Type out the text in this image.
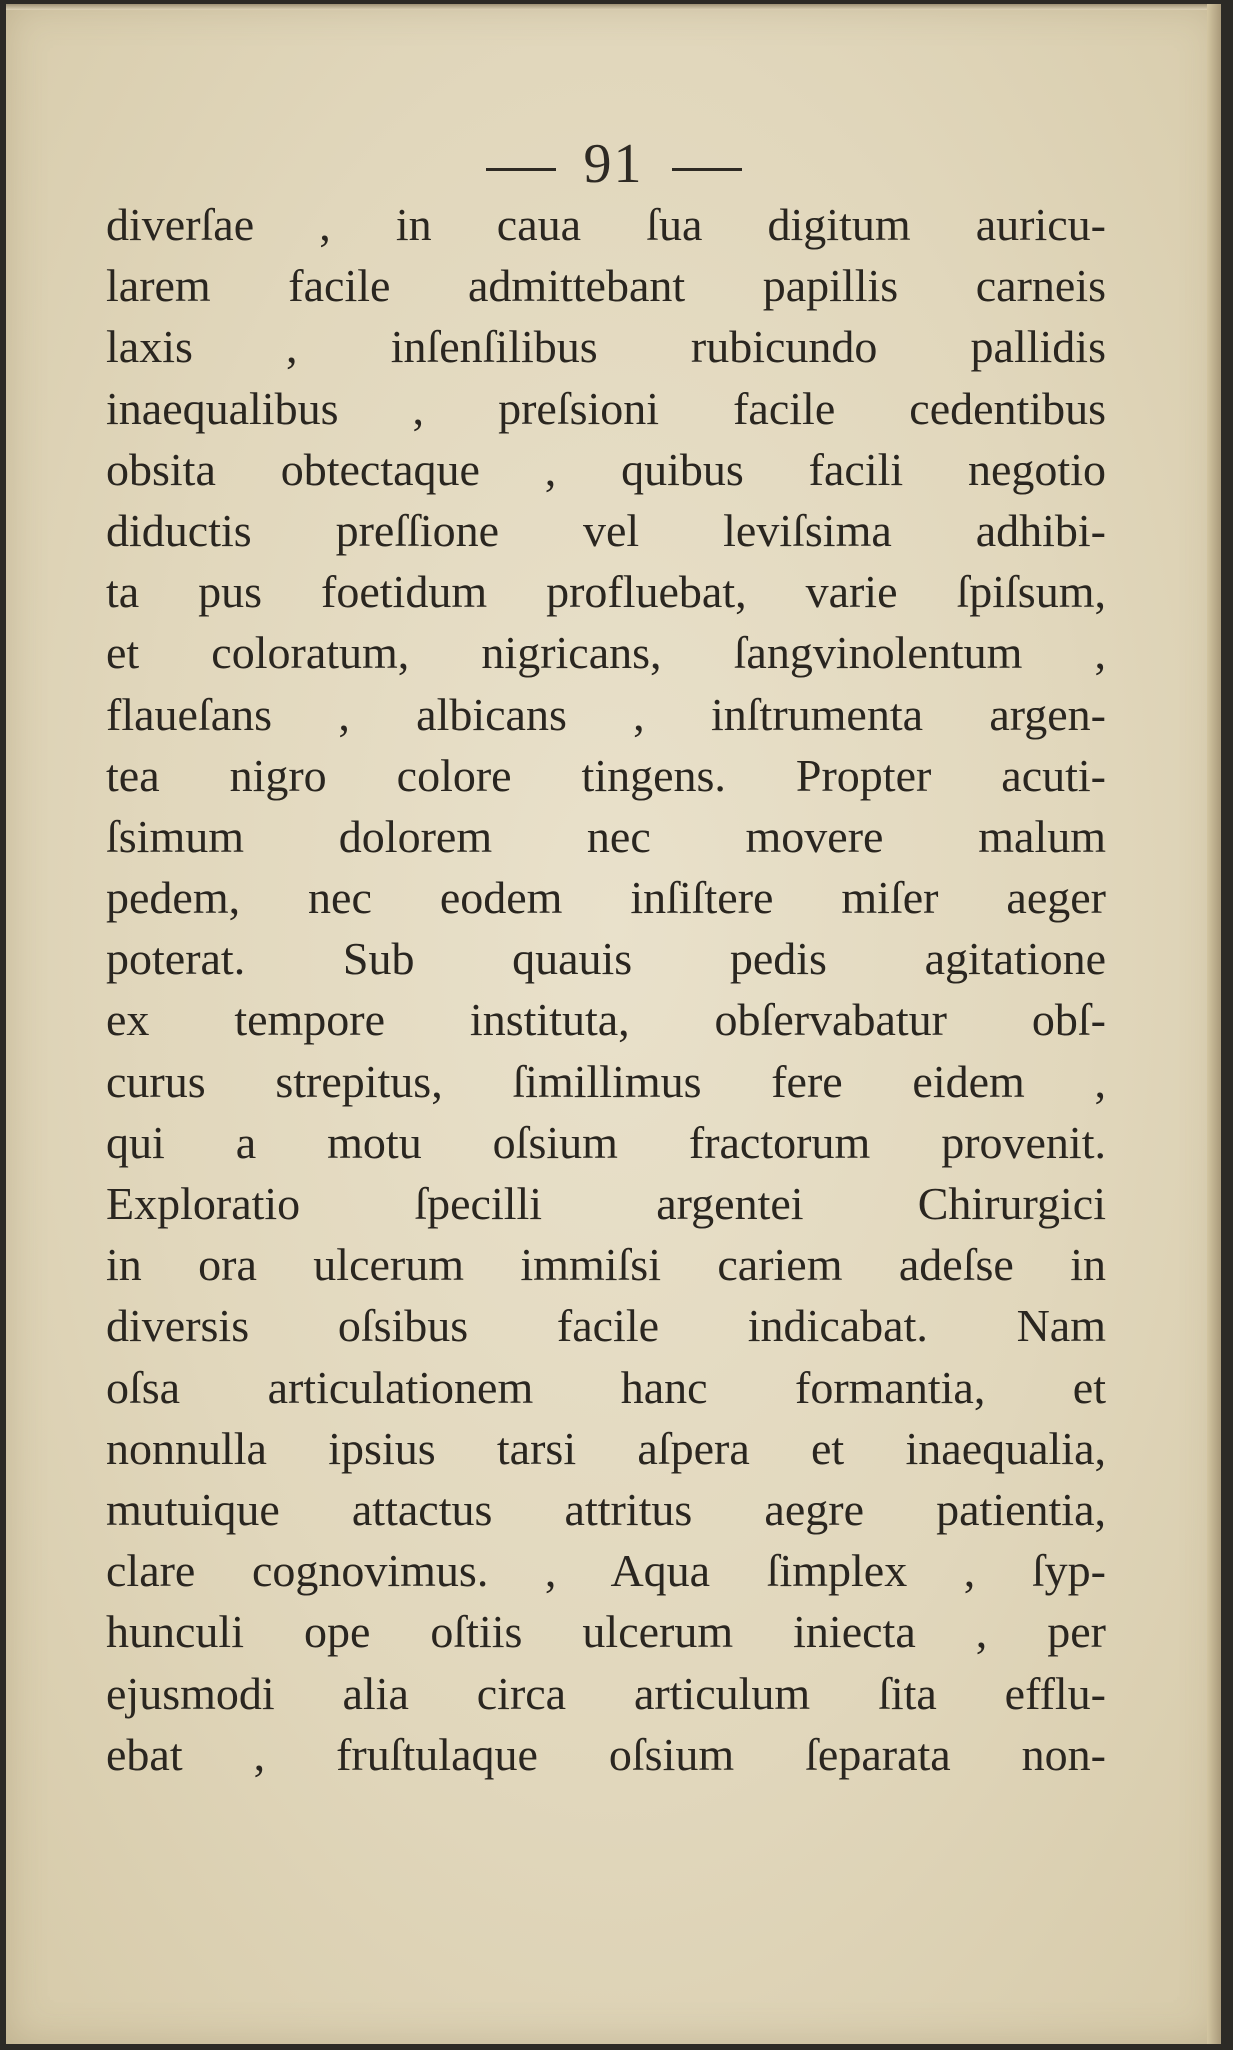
91
diverſae , in caua ſua digitum auricu-
larem facile admittebant papillis carneis
laxis , inſenſilibus rubicundo pallidis
inaequalibus , preſsioni facile cedentibus
obsita obtectaque , quibus facili negotio
diductis preſſione vel leviſsima adhibi-
ta pus foetidum profluebat, varie ſpiſsum,
et coloratum, nigricans, ſangvinolentum ,
flaueſans , albicans , inſtrumenta argen-
tea nigro colore tingens. Propter acuti-
ſsimum dolorem nec movere malum
pedem, nec eodem inſiſtere miſer aeger
poterat. Sub quauis pedis agitatione
ex tempore instituta, obſervabatur obſ-
curus strepitus, ſimillimus fere eidem ,
qui a motu oſsium fractorum provenit.
Exploratio ſpecilli argentei Chirurgici
in ora ulcerum immiſsi cariem adeſse in
diversis oſsibus facile indicabat. Nam
oſsa articulationem hanc formantia, et
nonnulla ipsius tarsi aſpera et inaequalia,
mutuique attactus attritus aegre patientia,
clare cognovimus. , Aqua ſimplex , ſyp-
hunculi ope oſtiis ulcerum iniecta , per
ejusmodi alia circa articulum ſita efflu-
ebat , fruſtulaque oſsium ſeparata non-
